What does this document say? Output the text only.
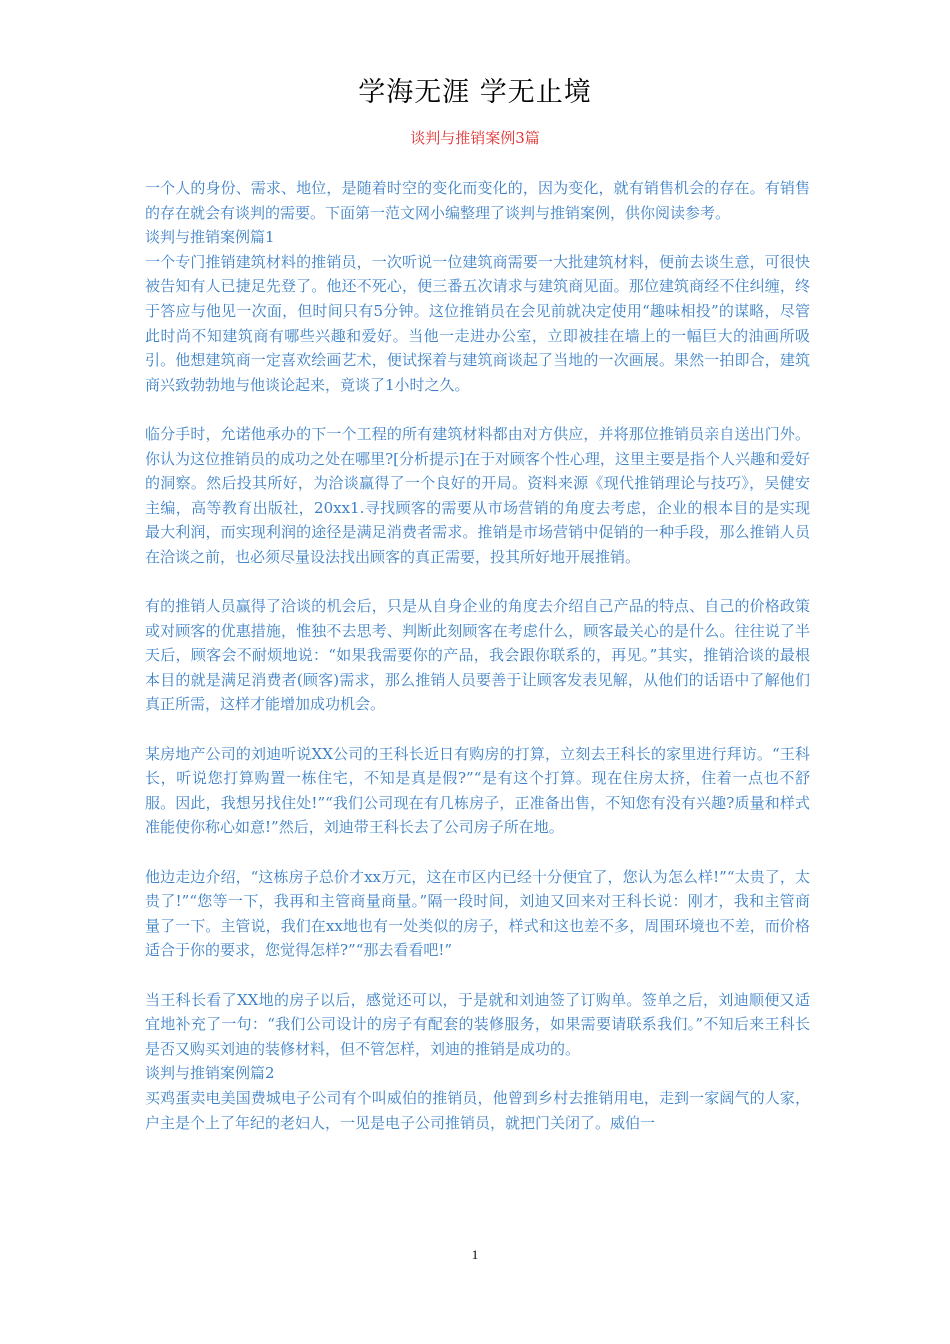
学海无涯 学无止境
谈判与推销案例3篇

一个人的身份、需求、地位，是随着时空的变化而变化的，因为变化，就有销售机会的存在。有销售的存在就会有谈判的需要。下面第一范文网小编整理了谈判与推销案例，供你阅读参考。

谈判与推销案例篇1

一个专门推销建筑材料的推销员，一次听说一位建筑商需要一大批建筑材料，便前去谈生意，可很快被告知有人已捷足先登了。他还不死心，便三番五次请求与建筑商见面。那位建筑商经不住纠缠，终于答应与他见一次面，但时间只有5分钟。这位推销员在会见前就决定使用“趣味相投”的谋略，尽管此时尚不知建筑商有哪些兴趣和爱好。当他一走进办公室，立即被挂在墙上的一幅巨大的油画所吸引。他想建筑商一定喜欢绘画艺术，便试探着与建筑商谈起了当地的一次画展。果然一拍即合，建筑商兴致勃勃地与他谈论起来，竟谈了1小时之久。

临分手时，允诺他承办的下一个工程的所有建筑材料都由对方供应，并将那位推销员亲自送出门外。你认为这位推销员的成功之处在哪里?[分析提示]在于对顾客个性心理，这里主要是指个人兴趣和爱好的洞察。然后投其所好，为洽谈赢得了一个良好的开局。资料来源《现代推销理论与技巧》，吴健安主编，高等教育出版社，20xx1.寻找顾客的需要从市场营销的角度去考虑，企业的根本目的是实现最大利润，而实现利润的途径是满足消费者需求。推销是市场营销中促销的一种手段，那么推销人员在洽谈之前，也必须尽量设法找出顾客的真正需要，投其所好地开展推销。

有的推销人员赢得了洽谈的机会后，只是从自身企业的角度去介绍自己产品的特点、自己的价格政策或对顾客的优惠措施，惟独不去思考、判断此刻顾客在考虑什么，顾客最关心的是什么。往往说了半天后，顾客会不耐烦地说：“如果我需要你的产品，我会跟你联系的，再见。”其实，推销洽谈的最根本目的就是满足消费者(顾客)需求，那么推销人员要善于让顾客发表见解，从他们的话语中了解他们真正所需，这样才能增加成功机会。

某房地产公司的刘迪听说XX公司的王科长近日有购房的打算，立刻去王科长的家里进行拜访。“王科长，听说您打算购置一栋住宅，不知是真是假?”“是有这个打算。现在住房太挤，住着一点也不舒服。因此，我想另找住处!”“我们公司现在有几栋房子，正准备出售，不知您有没有兴趣?质量和样式准能使你称心如意!”然后，刘迪带王科长去了公司房子所在地。

他边走边介绍，“这栋房子总价才xx万元，这在市区内已经十分便宜了，您认为怎么样!”“太贵了，太贵了!”“您等一下，我再和主管商量商量。”隔一段时间，刘迪又回来对王科长说：刚才，我和主管商量了一下。主管说，我们在xx地也有一处类似的房子，样式和这也差不多，周围环境也不差，而价格适合于你的要求，您觉得怎样?”“那去看看吧!”

当王科长看了XX地的房子以后，感觉还可以，于是就和刘迪签了订购单。签单之后，刘迪顺便又适宜地补充了一句：“我们公司设计的房子有配套的装修服务，如果需要请联系我们。”不知后来王科长是否又购买刘迪的装修材料，但不管怎样，刘迪的推销是成功的。

谈判与推销案例篇2

买鸡蛋卖电美国费城电子公司有个叫威伯的推销员，他曾到乡村去推销用电，走到一家阔气的人家，户主是个上了年纪的老妇人，一见是电子公司推销员，就把门关闭了。威伯一

1
